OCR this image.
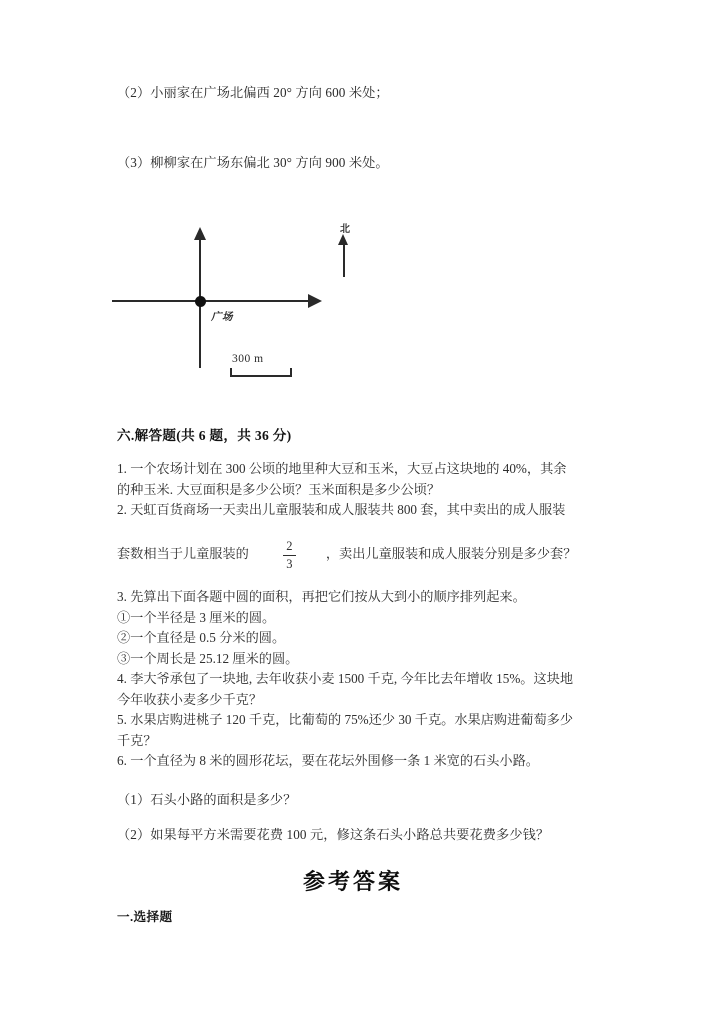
（2）小丽家在广场北偏西 20° 方向 600 米处；
（3）柳柳家在广场东偏北 30° 方向 900 米处。
广场
北
300 m
六.解答题(共 6 题，共 36 分)
1. 一个农场计划在 300 公顷的地里种大豆和玉米，大豆占这块地的 40%，其余
的种玉米. 大豆面积是多少公顷？玉米面积是多少公顷？
2. 天虹百货商场一天卖出儿童服装和成人服装共 800 套，其中卖出的成人服装
套数相当于儿童服装的	$\frac{2}{3}$ ，卖出儿童服装和成人服装分别是多少套？
3. 先算出下面各题中圆的面积，再把它们按从大到小的顺序排列起来。
①一个半径是 3 厘米的圆。
②一个直径是 0.5 分米的圆。
③一个周长是 25.12 厘米的圆。
4. 李大爷承包了一块地, 去年收获小麦 1500 千克, 今年比去年增收 15%。这块地
今年收获小麦多少千克？
5. 水果店购进桃子 120 千克，比葡萄的 75%还少 30 千克。水果店购进葡萄多少
千克？
6. 一个直径为 8 米的圆形花坛，要在花坛外围修一条 1 米宽的石头小路。
（1）石头小路的面积是多少？
（2）如果每平方米需要花费 100 元，修这条石头小路总共要花费多少钱？
参考答案
一.选择题
